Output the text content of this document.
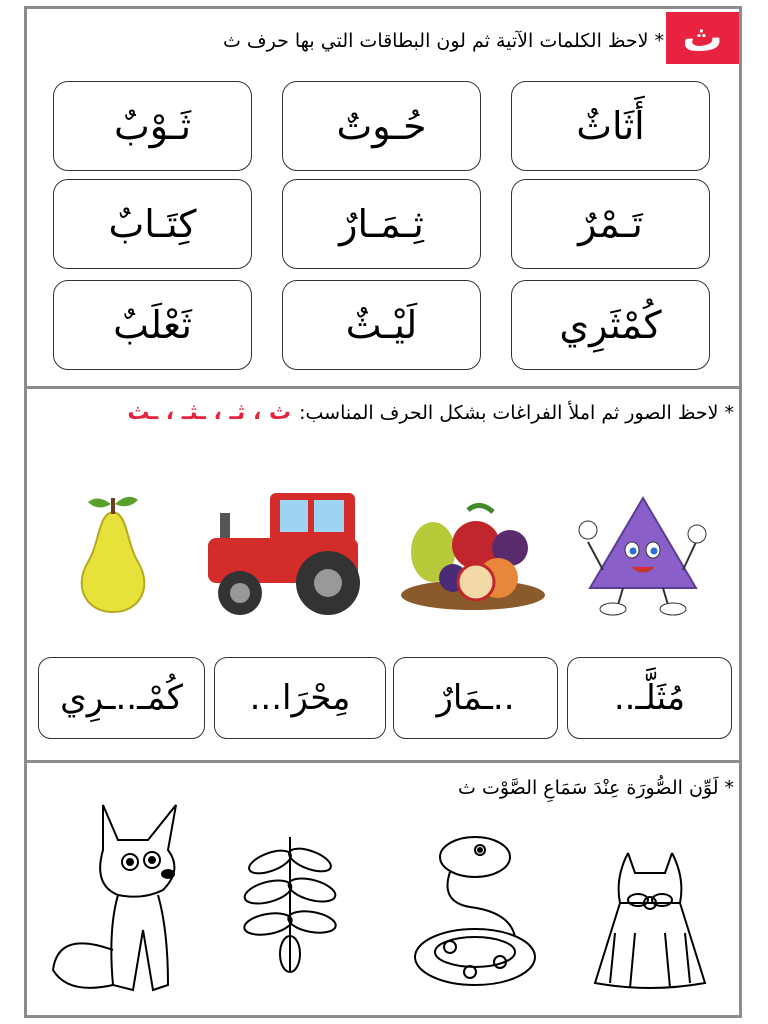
ث
*لاحظ الكلمات الآتية ثم لون البطاقات التي بها حرف ث
أَثَاثٌ
حُـوتٌ
ثَـوْبٌ
تَـمْرٌ
ثِـمَـارٌ
كِتَـابٌ
كُمْثَرِي
لَيْـثٌ
ثَعْلَبٌ
*لاحظ الصور ثم املأ الفراغات بشكل الحرف المناسب:ث ، ثـ ، ـثـ ، ـث
مُثَلَّـ..
..ـمَارٌ
مِحْرَا...
كُمْـ..ـرِي
*لَوِّن الصُّورَة عِنْدَ سَمَاعِ الصَّوْت ث
